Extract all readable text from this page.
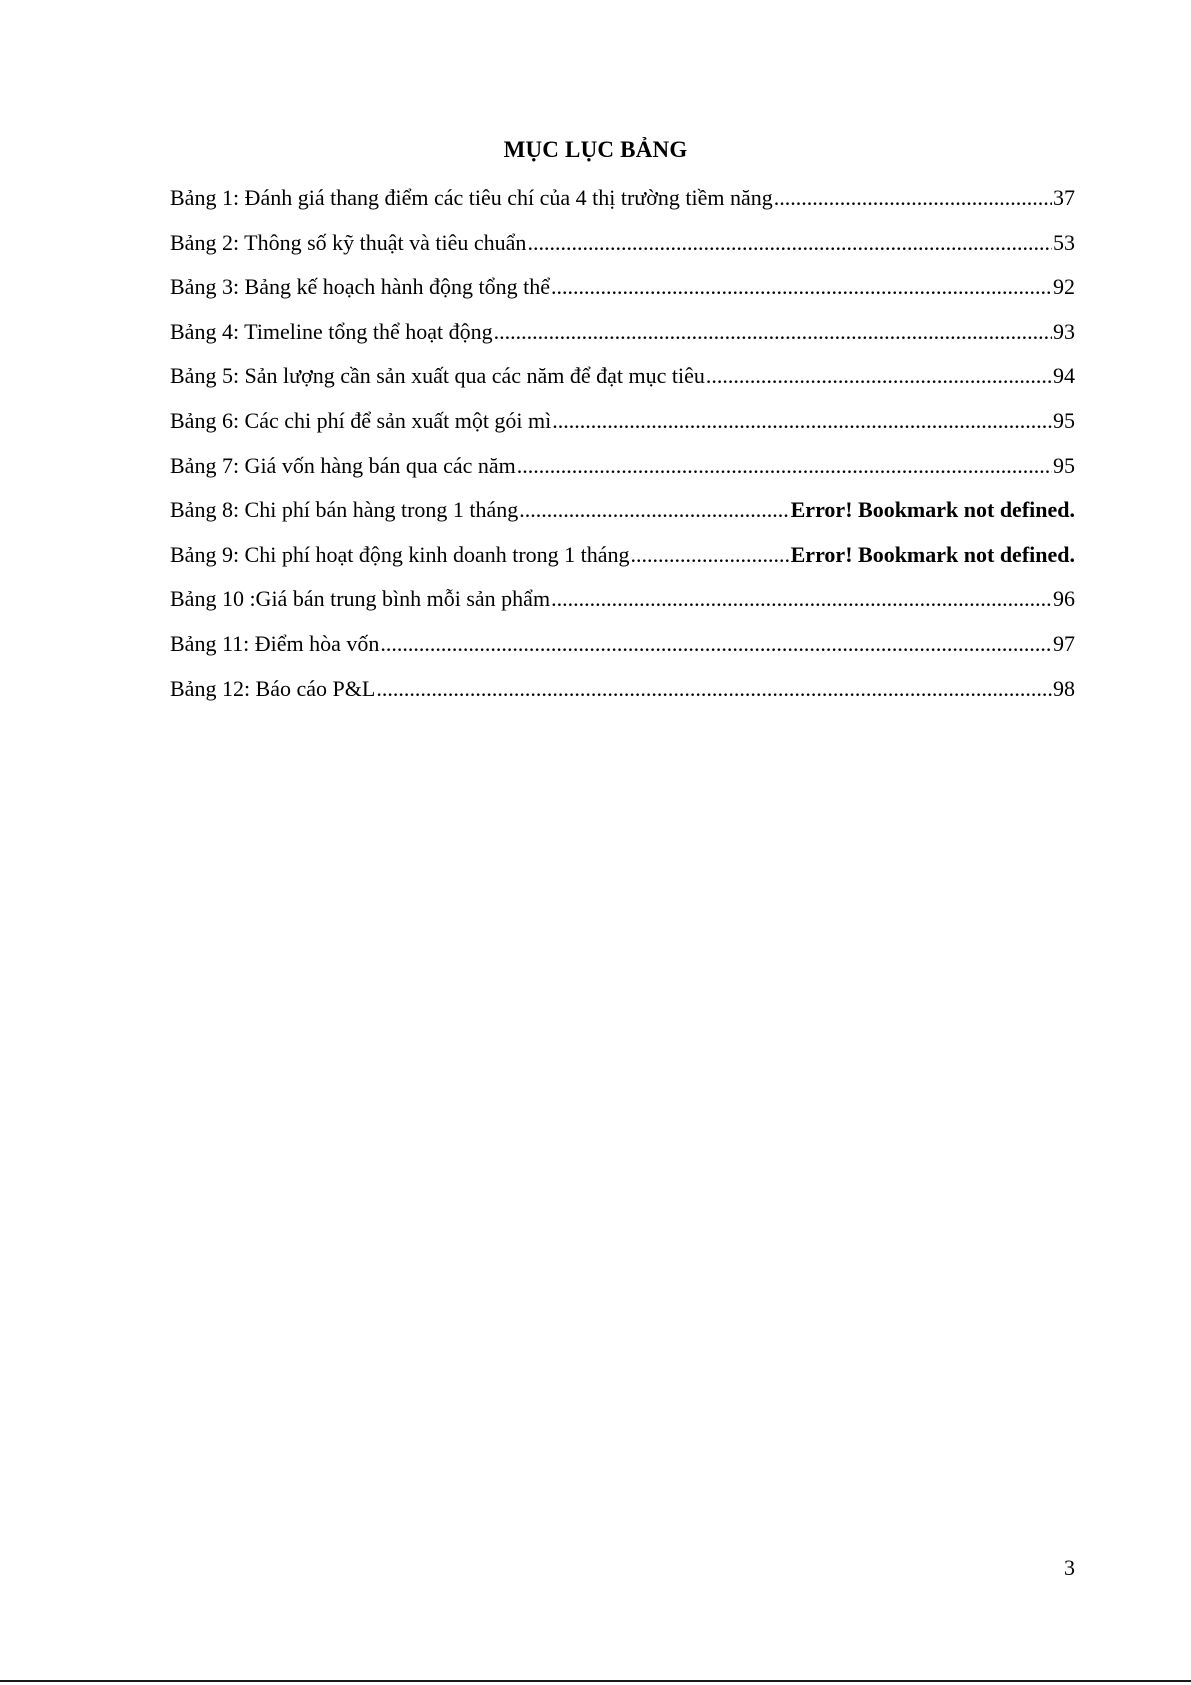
MỤC LỤC BẢNG
Bảng 1: Đánh giá thang điểm các tiêu chí của 4 thị trường tiềm năng .....	37
Bảng 2: Thông số kỹ thuật và tiêu chuẩn .....	53
Bảng 3: Bảng kế hoạch hành động tổng thể .....	92
Bảng 4: Timeline tổng thể hoạt động .....	93
Bảng 5: Sản lượng cần sản xuất qua các năm để đạt mục tiêu .....	94
Bảng 6: Các chi phí để sản xuất một gói mì .....	95
Bảng 7: Giá vốn hàng bán qua các năm .....	95
Bảng 8: Chi phí bán hàng trong 1 tháng .....	Error! Bookmark not defined.
Bảng 9: Chi phí hoạt động kinh doanh trong 1 tháng .....	Error! Bookmark not defined.
Bảng 10 :Giá bán trung bình mỗi sản phẩm .....	96
Bảng 11: Điểm hòa vốn .....	97
Bảng 12: Báo cáo P&L .....	98
3
